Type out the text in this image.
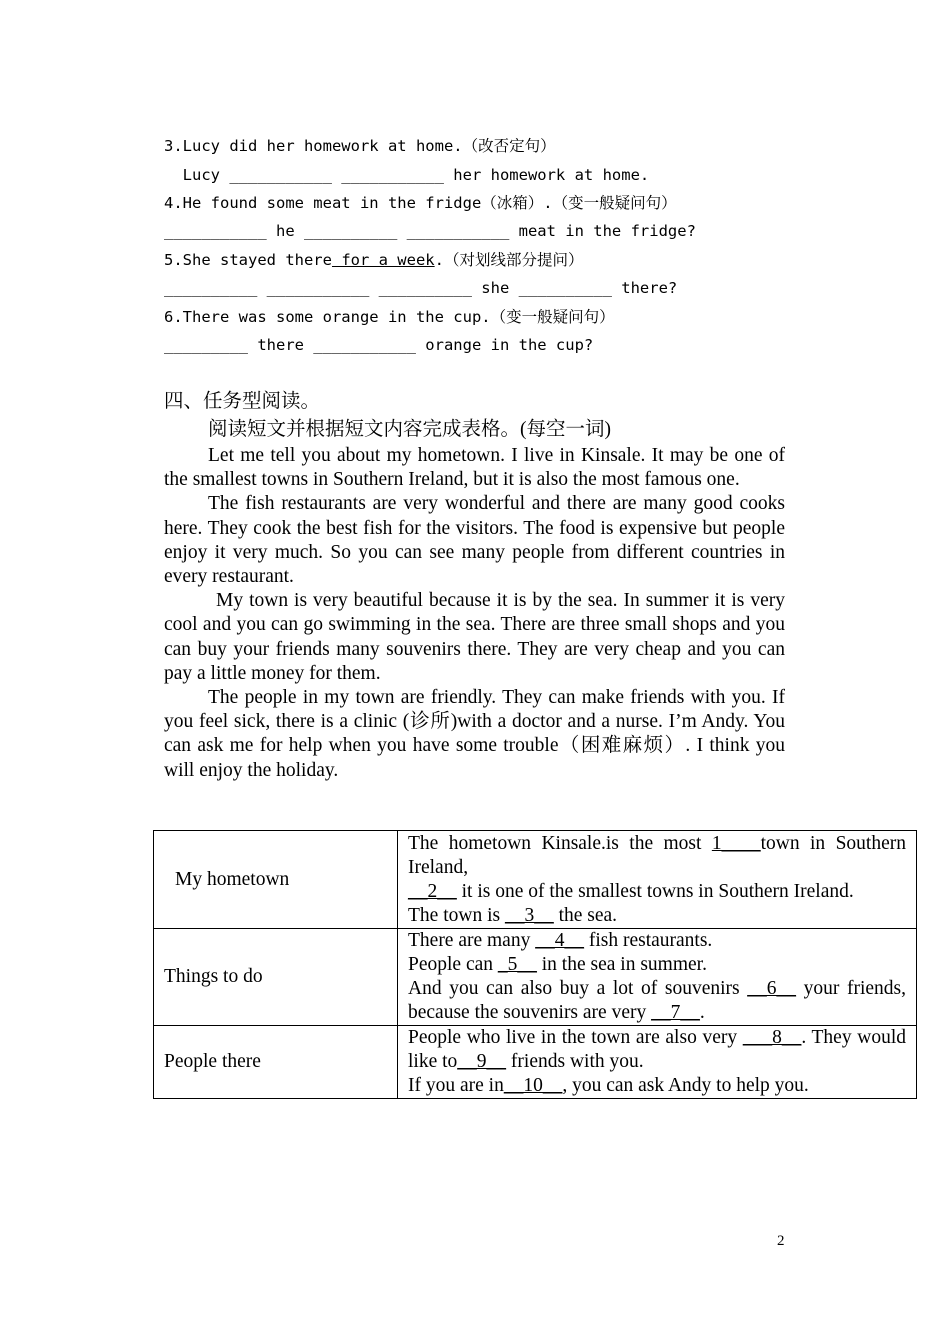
3.Lucy did her homework at home.（改否定句）
Lucy ___________ ___________ her homework at home.
4.He found some meat in the fridge（冰箱）.（变一般疑问句）
___________ he __________ ___________ meat in the fridge?
5.She stayed there for a week.（对划线部分提问）
__________ ___________ __________ she __________ there?
6.There was some orange in the cup.（变一般疑问句）
_________ there ___________ orange in the cup?
四、任务型阅读。
阅读短文并根据短文内容完成表格。(每空一词)

Let me tell you about my hometown. I live in Kinsale. It may be one of the smallest towns in Southern Ireland, but it is also the most famous one.

The fish restaurants are very wonderful and there are many good cooks here. They cook the best fish for the visitors. The food is expensive but people enjoy it very much. So you can see many people from different countries in every restaurant.

My town is very beautiful because it is by the sea. In summer it is very cool and you can go swimming in the sea. There are three small shops and you can buy your friends many souvenirs there. They are very cheap and you can pay a little money for them.

The people in my town are friendly. They can make friends with you. If you feel sick, there is a clinic (诊所)with a doctor and a nurse. I’m Andy. You can ask me for help when you have some trouble（困难麻烦）. I think you will enjoy the holiday.

My hometown	The hometown Kinsale.is the most 1____town in Southern Ireland,
__2__ it is one of the smallest towns in Southern Ireland.
The town is __3__ the sea.

Things to do	There are many __4__ fish restaurants.
People can _5__ in the sea in summer.
And you can also buy a lot of souvenirs __6__ your friends, because the souvenirs are very __7__.

People there	People who live in the town are also very ___8__. They would like to__9__ friends with you.
If you are in__10__, you can ask Andy to help you.
2
